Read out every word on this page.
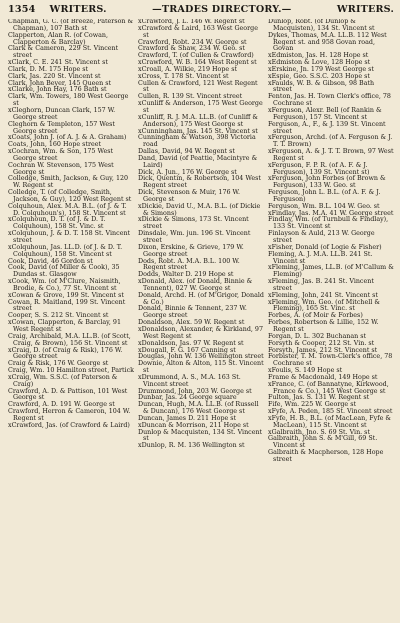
1354 WRITERS.	—TRADES DIRECTORY.—	WRITERS.
Chapman, G. C. (of Breeze, Paterson & Chapman), 107 Bath st
Clapperton, Alan R. (of Cowan, Clapperton & Barclay)
Clark & Cameron, 229 St. Vincent street
xClark, C. E. 241 St. Vincent st
Clark, D. M. 175 Hope st
Clark, Jas. 220 St. Vincent st
Clark, John Beyer, 145 Queen st
xClarke, John Hay, 176 Bath st
Clark, Wm. Towers, 180 West George st
xCleghorn, Duncan Clark, 157 W. George street
Cleghorn & Templeton, 157 West George street
xCoats, John J. (of A. J. & A. Graham)
Coats, John, 160 Hope street
xCochran, Wm. & Son, 175 West George street
Cochran W. Stevenson, 175 West George st
Colledge, Smith, Jackson, & Guy, 120 W. Regent st
Colledge, T. (of Colledge, Smith, Jackson, & Guy), 120 West Regent st
Colquhoun, Alex. M.A. B.L. (of J. & T. D. Colquhoun's), 158 St. Vincent st
xColquhoun, D. T. (of J. & D. T. Colquhoun), 158 St. Vinc. st
xColquhoun, J. & D. T. 158 St. Vincent street
xColquhoun, Jas. LL.D. (of J. & D. T. Colquhoun), 158 St. Vincent st
Cook, David, 46 Gordon st
Cook, David (of Miller & Cook), 35 Dundas st. Glasgow
xCook, Wm. (of M'Clure, Naismith, Brodie, & Co.), 77 St. Vincent st
xCowan & Grove, 199 St. Vincent st
Cowan, R. Maitland, 199 St. Vincent street
Cooper, S. S. 212 St. Vincent st
xCowan, Clapperton, & Barclay, 91 West Regent st
Craig, Archibald, M.A. LL.B. (of Scott, Craig, & Brown), 156 St. Vincent st
xCraig, D. (of Craig & Risk), 176 W. George street
Craig & Risk, 176 W. George st
Craig, Wm. 10 Hamilton street, Partick
xCraig, Wm. S.S.C. (of Paterson & Craig)
Crawford, A. D. & Pattison, 101 West George st
Crawford, A. D. 191 W. George st
Crawford, Herron & Cameron, 104 W. Regent st
xCrawford, Jas. (of Crawford & Laird)
xCrawford, J. L. 146 W. Regent st
xCrawford & Laird, 163 West George st
Crawford, Robt. 234 W. George st
Crawford & Shaw, 234 W. Geo. st
Crawford, T. (of Cullen & Crawford)
xCrawford, W. B. 164 West Regent st
xCroall, A. Wilkie, 219 Hope st
xCross, T. 178 St. Vincent st
Cullen & Crawford, 121 West Regent st
Cullen, R. 139 St. Vincent street
xCunliff & Anderson, 175 West George st
xCunliff, R. J. M.A. LL.B. (of Cunliff & Anderson), 175 West George st
xCunningham, Jas. 145 St. Vincent st
Cunningham & Watson, 398 Victoria road
Dallas, David, 94 W. Regent st
Dand, David (of Peattie, Macintyre & Laird)
Dick, A. Jun., 176 W. George st
Dick, Quentin, & Robertson, 104 West Regent street
Dick, Stevenson & Muir, 176 W. George st
xDickie, David U., M.A. B.L. (of Dickie & Simons)
xDickie & Simons, 173 St. Vincent street
Dinsdale, Wm. jun. 196 St. Vincent street
Dixon, Erskine, & Grieve, 179 W. George street
Dods, Robt. A. M.A. B.L. 100 W. Regent street
Dodds, Walter D. 219 Hope st
xDonald, Alex. (of Donald, Binnie & Tennent), 027 W. George st
Donald, Archd. H. (of M'Grigor, Donald & Co.)
Donald, Binnie & Tennent, 237 W. George street
Donaldson, Alex. 59 W. Regent st
xDonaldson, Alexander, & Kirkland, 97 West Regent st
xDonaldson, Jas. 97 W. Regent st
xDougall, F. G. 167 Canning st
Douglas, John W. 136 Wellington street
Downie, Alton & Alton, 115 St. Vincent st
xDrummond, A. S., M.A. 163 St. Vincent street
Drummond, John, 203 W. George st
Dunbar, Jas. 24 George square
Duncan, Hugh, M.A. LL.B. (of Russell & Duncan), 176 West George st
Duncan, James D. 211 Hope st
xDuncan & Morrison, 211 Hope st
Dunlop & Macquisten, 134 St. Vincent st
xDunlop, R. M. 136 Wellington st
Dunlop, Robt. (of Dunlop & Macquisten), 134 St. Vincent st
Dykes, Thomas, M.A. LL.B. 112 West Regent st. and 958 Govan road, Govan
xEdmiston, Jas. H. 128 Hope st
xEdmiston & Love, 128 Hope st
xErskine, Jn. 179 West George st
xEspie, Geo. S.S.C. 203 Hope st
xFaulds, W. B. & Gibson, 98 Bath street
Fenton, Jas. H. Town Clerk's office, 78 Cochrane st
xFerguson, Alexr. Bell (of Rankin & Ferguson), 157 St. Vincent st
Ferguson, A., F., & J. 139 St. Vincent street
xFerguson, Archd. (of A. Ferguson & J. T. T. Brown)
xFerguson, A. & J. T. T. Brown, 97 West Regent st
xFerguson, F. P. R. (of A. F. & J. Ferguson), 139 St. Vincent st)
xFerguson, John Forbes (of Brown & Ferguson), 133 W. Geo. st
Ferguson, John L. B.L. (of A. F. & J. Ferguson)
Ferguson, Wm. B.L. 104 W. Geo. st
xFindlay, Jas. M.A. 41 W. George street
Findlay, Wm. (of Turnbull & Findlay), 133 St. Vincent st
Finlayson & Auld, 213 W. George street
xFisher, Donald (of Logie & Fisher)
Fleming, A. J. M.A. LL.B. 241 St. Vincent st
xFleming, James, LL.B. (of M'Callum & Fleming)
xFleming, Jas. B. 241 St. Vincent street
xFleming, John, 241 St. Vincent st
xFleming, Wm. Geo. (of Mitchell & Fleming), 165 St. Vinc. st
Forbes, A. (of Moir & Forbes)
Forbes, Robertson & Lillie, 152 W. Regent st
Forgan, D. L. 302 Buchanan st
Forsyth & Cooper, 212 St. Vin. st
Forsyth, James, 212 St. Vincent st
Forbister, T. M. Town-Clerk's office, 78 Cochrane st
xFoulis, S. 149 Hope st
Frame & Macdonald, 149 Hope st
xFrance, C. (of Bannatyne, Kirkwood, France & Co.), 145 West George st
Fulton, Jas. S. 131 W. Regent st
Fife, Wm. 225 W. George st
xFyfe, A. Peden, 185 St. Vincent street
xFyfe, H. B., B.L. (of MacLean, Fyfe & MacLean), 115 St. Vincent st
xGalbraith, Jno. S. 69 St. Vin. st
Galbraith, John S. & M'Gill, 69 St. Vincent st
Galbraith & Macpherson, 128 Hope street
